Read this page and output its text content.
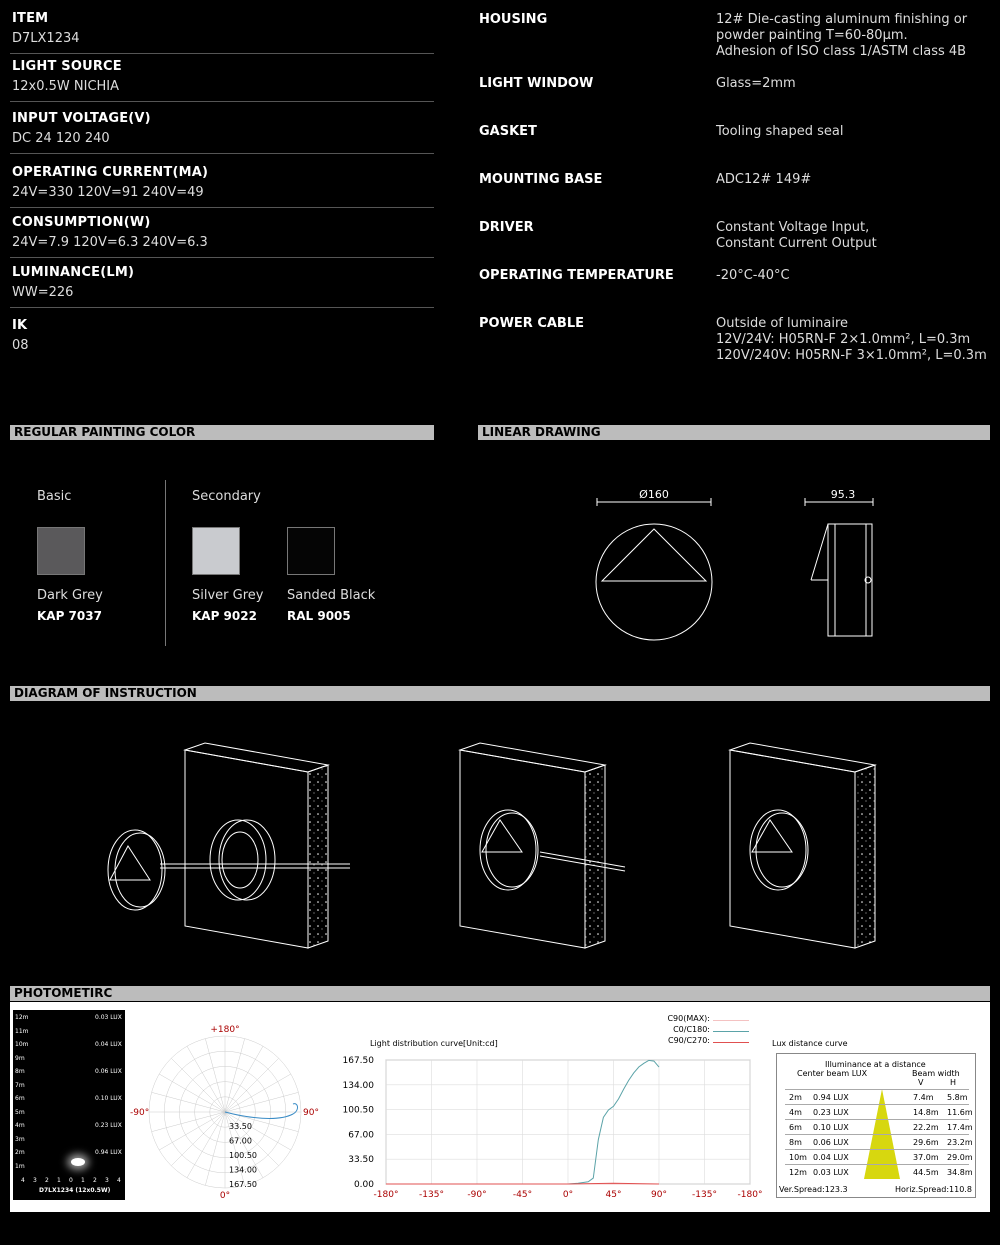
ITEM
D7LX1234
LIGHT SOURCE
12x0.5W NICHIA
INPUT VOLTAGE(V)
DC 24 120 240
OPERATING CURRENT(MA)
24V=330 120V=91 240V=49
CONSUMPTION(W)
24V=7.9 120V=6.3 240V=6.3
LUMINANCE(LM)
WW=226
IK
08
HOUSING	12# Die-casting aluminum finishing or
powder painting T=60-80μm.
Adhesion of ISO class 1/ASTM class 4B
LIGHT WINDOW	Glass=2mm
GASKET	Tooling shaped seal
MOUNTING BASE	ADC12# 149#
DRIVER	Constant Voltage Input,
Constant Current Output
OPERATING TEMPERATURE	-20°C-40°C
POWER CABLE	Outside of luminaire
12V/24V: H05RN-F 2×1.0mm², L=0.3m
120V/240V: H05RN-F 3×1.0mm², L=0.3m
REGULAR PAINTING COLOR	LINEAR DRAWING
DIAGRAM OF INSTRUCTION
PHOTOMETIRC
Basic	Secondary
Dark Grey
KAP 7037
Silver Grey
KAP 9022
Sanded Black
RAL 9005
Ø160	95.3
12m
11m
10m
9m
8m
7m
6m
5m
4m
3m
2m
1m
0.03 LUX
0.04 LUX
0.06 LUX
0.10 LUX
0.23 LUX
0.94 LUX
4 3 2 1 0 1 2 3 4
D7LX1234 (12x0.5W)
+180°
-90°	90°
0°
33.50
67.00
100.50
134.00
167.50
C90(MAX):
C0/C180:
C90/C270:
Light distribution curve[Unit:cd]
0.00
33.50
67.00
100.50
134.00
167.50
-180° -135°	-90°	-45°	0°	45°	90°	-135° -180°
Lux distance curve
Illuminance at a distance
Center beam LUX	Beam width
V	H
2m 0.94 LUX	7.4m 5.8m
4m 0.23 LUX	14.8m 11.6m
6m 0.10 LUX	22.2m 17.4m
8m 0.06 LUX	29.6m 23.2m
10m 0.04 LUX	37.0m 29.0m
12m 0.03 LUX	44.5m 34.8m
Ver.Spread:123.3	Horiz.Spread:110.8
